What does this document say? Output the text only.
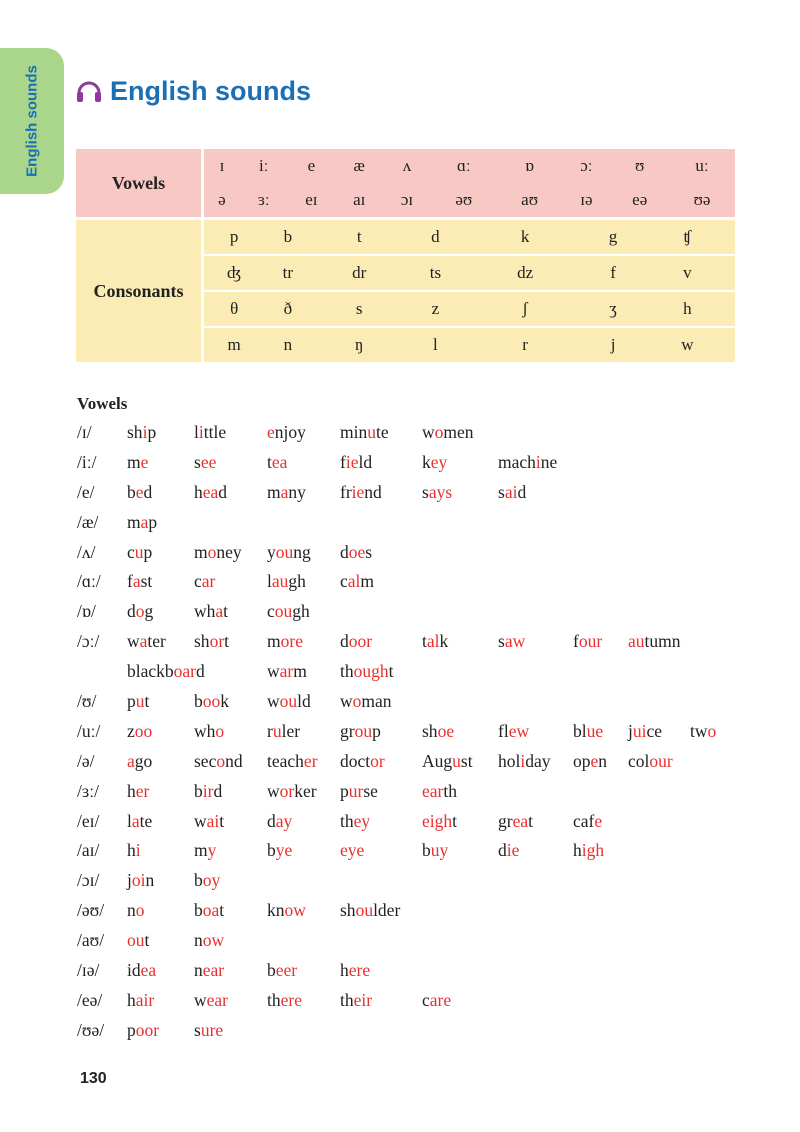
English sounds	English sounds
Vowels	ɪ	iː		e		æ	ʌ		ɑː		ɒ	ɔː		ʊ		uː
	ə	ɜː		eɪ		aɪ	ɔɪ		əʊ		aʊ	ɪə		eə		ʊə
Consonants	p		b		t			d		k			g		ʧ	
	ʤ		tr		dr			ts		dz			f		v	
	θ		ð		s			z		ʃ			ʒ		h	
	m		n		ŋ			l		r			j		w	
Vowels
/ɪ/ ship little enjoy minute women
/iː/ me	see	tea	field	key	machine
/e/ bed head many friend says	said
/æ/ map
/ʌ/ cup money young does
/ɑː/ fast car	laugh calm
/ɒ/ dog what cough
/ɔː/ water short more door	talk	saw	four autumn
blackboard	warm thought
/ʊ/ put	book would woman
/uː/ zoo who ruler group shoe	flew	blue juice two
/ə/ ago second teacher doctor August holiday open colour
/ɜː/ her	bird	worker purse	earth
/eɪ/ late wait day	they	eight great cafe
/aɪ/ hi	my	bye	eye	buy	die	high
/ɔɪ/ join boy
/əʊ/ no	boat know shoulder
/aʊ/ out	now
/ɪə/ idea near beer here
/eə/ hair wear there their	care
/ʊə/ poor sure
130
